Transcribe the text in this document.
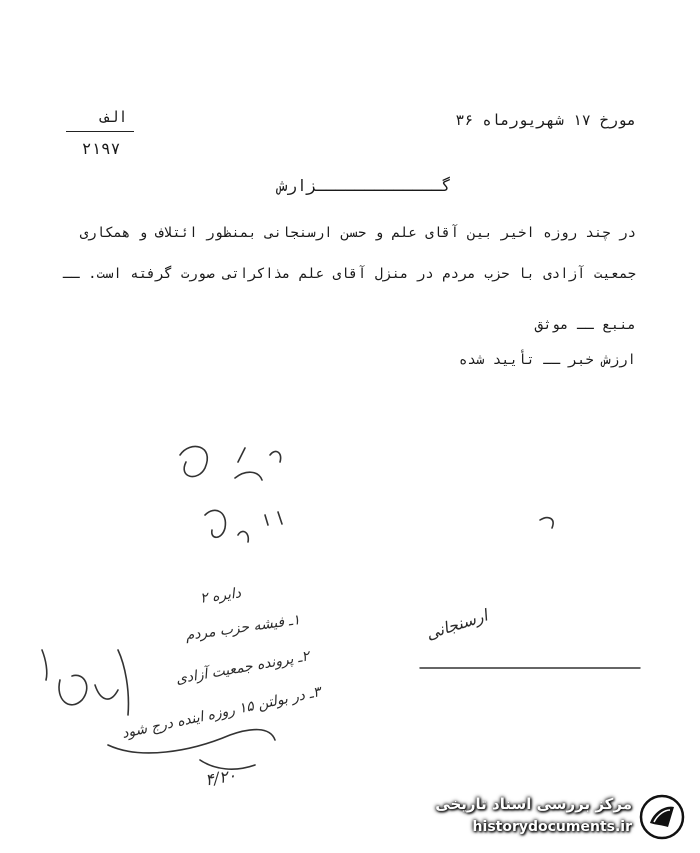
الف
۲۱۹۷
مورخ ۱۷ شهریورماه ۳۶
گـــــــــــــزارش
در چند روزه اخیر بین آقای علم و حسن ارسنجانی بمنظور ائتلاف و همکاری
جمعیت آزادی با حزب مردم در منزل آقای علم مذاکراتی صورت گرفته است. ــ
منبع ــ موثق
ارزش خبر ــ تأیید شده
دایره ۲
۱ـ فیشه حزب مردم
۲ـ پرونده جمعیت آزادی
۳ـ در بولتن ۱۵ روزه اینده درج شود
۴/۲۰
ارسنجانی
مرکز بررسی اسناد تاریخی
historydocuments.ir
